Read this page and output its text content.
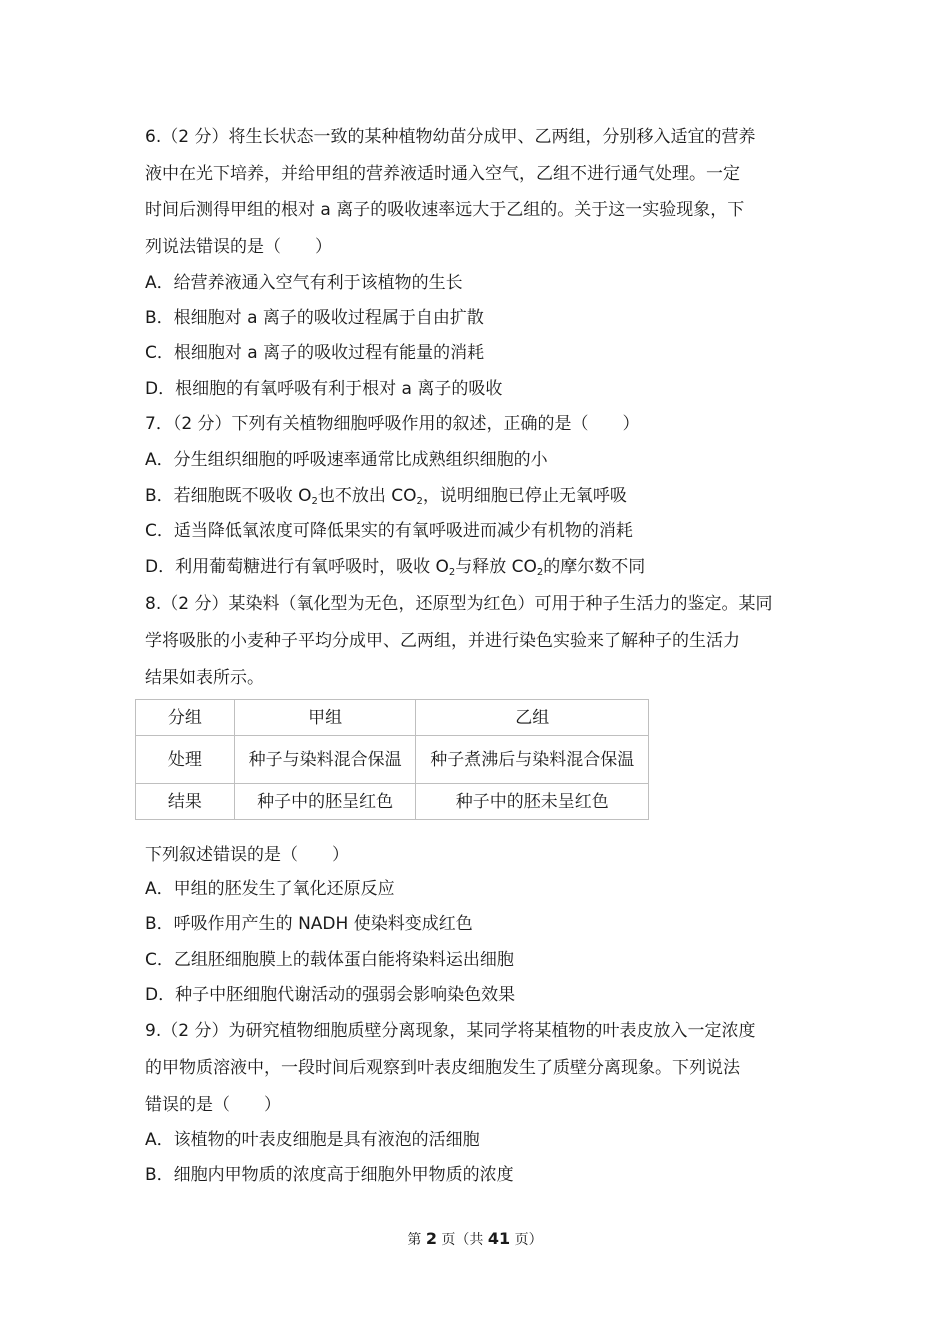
6.（2 分）将生长状态一致的某种植物幼苗分成甲、乙两组，分别移入适宜的营养

液中在光下培养，并给甲组的营养液适时通入空气，乙组不进行通气处理。一定

时间后测得甲组的根对 a 离子的吸收速率远大于乙组的。关于这一实验现象，下

列说法错误的是（　　）

A．给营养液通入空气有利于该植物的生长

B．根细胞对 a 离子的吸收过程属于自由扩散

C．根细胞对 a 离子的吸收过程有能量的消耗

D．根细胞的有氧呼吸有利于根对 a 离子的吸收

7．（2 分）下列有关植物细胞呼吸作用的叙述，正确的是（　　）

A．分生组织细胞的呼吸速率通常比成熟组织细胞的小

B．若细胞既不吸收 $O_2$也不放出 $CO_2$，说明细胞已停止无氧呼吸

C．适当降低氧浓度可降低果实的有氧呼吸进而减少有机物的消耗

D．利用葡萄糖进行有氧呼吸时，吸收 $O_2$与释放 $CO_2$的摩尔数不同

8.（2 分）某染料（氧化型为无色，还原型为红色）可用于种子生活力的鉴定。某同

学将吸胀的小麦种子平均分成甲、乙两组，并进行染色实验来了解种子的生活力

结果如表所示。

分组	甲组	乙组
处理	种子与染料混合保温	种子煮沸后与染料混合保温
结果	种子中的胚呈红色	种子中的胚未呈红色

下列叙述错误的是（　　）

A．甲组的胚发生了氧化还原反应

B．呼吸作用产生的 NADH 使染料变成红色

C．乙组胚细胞膜上的载体蛋白能将染料运出细胞

D．种子中胚细胞代谢活动的强弱会影响染色效果

9.（2 分）为研究植物细胞质壁分离现象，某同学将某植物的叶表皮放入一定浓度

的甲物质溶液中，一段时间后观察到叶表皮细胞发生了质壁分离现象。下列说法

错误的是（　　）

A．该植物的叶表皮细胞是具有液泡的活细胞

B．细胞内甲物质的浓度高于细胞外甲物质的浓度

第 2 页（共 41 页）
